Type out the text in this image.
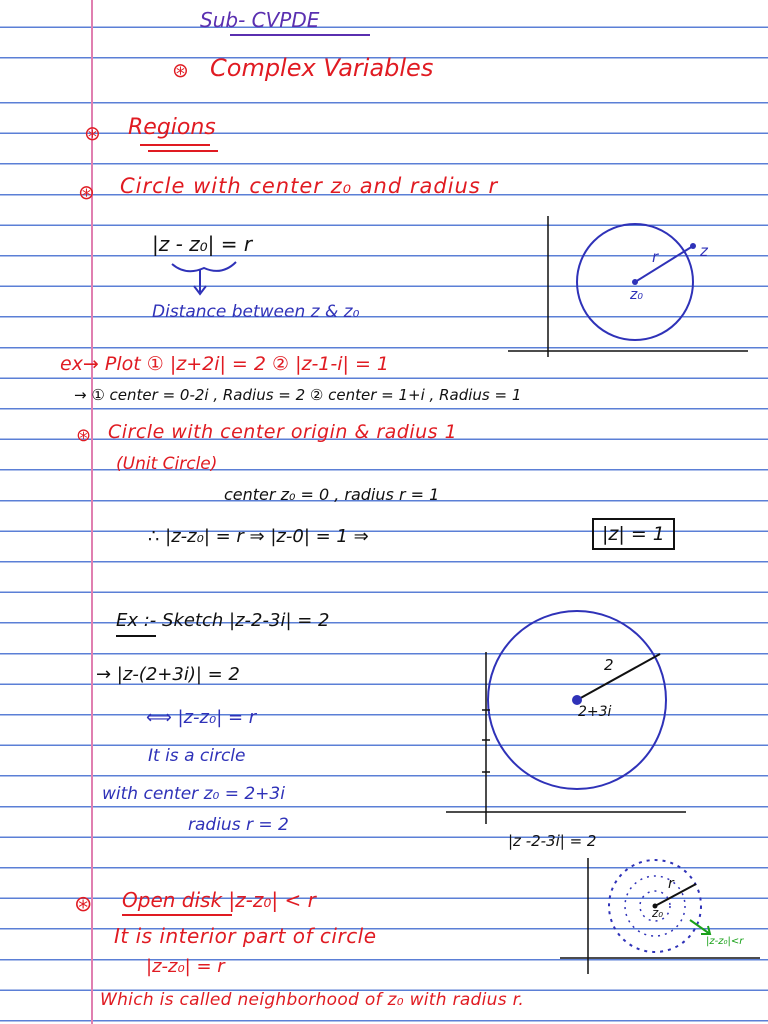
Sub- CVPDE
⊛ Complex Variables
⊛ Regions
⊛ Circle with center z₀ and radius r
|z - z₀| = r
Distance between z & z₀
r	z
z₀
ex→ Plot ① |z+2i| = 2 ② |z-1-i| = 1
→ ① center = 0-2i , Radius = 2 ② center = 1+i , Radius = 1
⊛ Circle with center origin & radius 1
(Unit Circle)
center z₀ = 0 , radius r = 1
∴ |z-z₀| = r ⇒ |z-0| = 1 ⇒	|z| = 1
Ex :- Sketch |z-2-3i| = 2
→ |z-(2+3i)| = 2
⟺ |z-z₀| = r
It is a circle
with center z₀ = 2+3i
radius r = 2
2
2+3i
|z -2-3i| = 2
⊛ Open disk |z-z₀| < r
It is interior part of circle
|z-z₀| = r
Which is called neighborhood of z₀ with radius r.
r
z₀
|z-z₀|<r
